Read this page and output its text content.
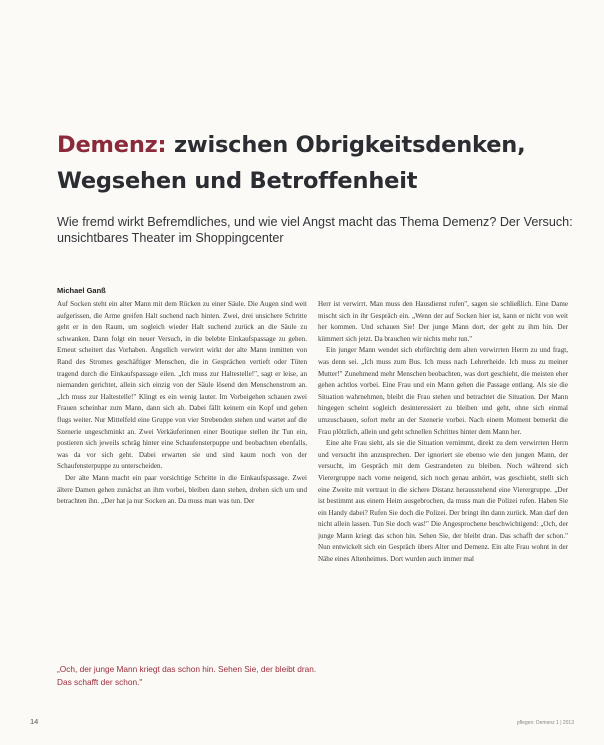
Demenz: zwischen Obrigkeitsdenken, Wegsehen und Betroffenheit

Wie fremd wirkt Befremdliches, und wie viel Angst macht das Thema Demenz? Der Versuch: unsichtbares Theater im Shoppingcenter

Michael Ganß

Auf Socken steht ein alter Mann mit dem Rücken zu einer Säule. Die Augen sind weit aufgerissen, die Arme greifen Halt suchend nach hinten. Zwei, drei unsichere Schritte geht er in den Raum, um sogleich wieder Halt suchend zurück an die Säule zu schwanken. Dann folgt ein neuer Versuch, in die belebte Einkaufspassage zu gehen. Erneut scheitert das Vorhaben. Ängstlich verwirrt wirkt der alte Mann inmitten von Rand des Stromes geschäftiger Menschen, die in Gesprächen vertieft oder Tüten tragend durch die Einkaufspassage eilen. „Ich muss zur Haltestelle!", sagt er leise, an niemanden gerichtet, allein sich einzig von der Säule lösend den Menschenstrom an. „Ich muss zur Haltestelle!" Klingt es ein wenig lauter. Im Vorbeigehen schauen zwei Frauen scheinbar zum Mann, dann sich ab. Dabei fällt keinem ein Kopf und gehen flugs weiter. Nur Mittelfeld eine Gruppe von vier Strebenden stehen und wartet auf die Szenerie ungeschminkt an. Zwei Verkäuferinnen einer Boutique stellen ihr Tun ein, postieren sich jeweils schräg hinter eine Schaufensterpuppe und beobachten ebenfalls, was da vor sich geht. Dabei erwarten sie und sind kaum noch von der Schaufensterpuppe zu unterscheiden.

Der alte Mann macht ein paar vorsichtige Schritte in die Einkaufspassage. Zwei ältere Damen gehen zunächst an ihm vorbei, bleiben dann stehen, drehen sich um und betrachten ihn. „Der hat ja nur Socken an. Da muss man was tun. Der

Herr ist verwirrt. Man muss den Hausdienst rufen", sagen sie schließlich. Eine Dame mischt sich in ihr Gespräch ein. „Wenn der auf Socken hier ist, kann er nicht von weit her kommen. Und schauen Sie! Der junge Mann dort, der geht zu ihm hin. Der kümmert sich jetzt. Da brauchen wir nichts mehr tun."

Ein junger Mann wendet sich ehrfürchtig dem alten verwirrten Herrn zu und fragt, was denn sei. „Ich muss zum Bus. Ich muss nach Lehrerheide. Ich muss zu meiner Mutter!" Zunehmend mehr Menschen beobachten, was dort geschieht, die meisten eher gehen achtlos vorbei. Eine Frau und ein Mann gehen die Passage entlang. Als sie die Situation wahrnehmen, bleibt die Frau stehen und betrachtet die Situation. Der Mann hingegen scheint sogleich desinteressiert zu bleiben und geht, ohne sich einmal umzuschauen, sofort mehr an der Szenerie vorbei. Nach einem Moment bemerkt die Frau plötzlich, allein und geht schnellen Schrittes hinter dem Mann her.

Eine alte Frau sieht, als sie die Situation vernimmt, direkt zu dem verwirrten Herrn und versucht ihn anzusprechen. Der ignoriert sie ebenso wie den jungen Mann, der versucht, im Gespräch mit dem Gestrandeten zu bleiben. Noch während sich Vierergruppe nach vorne neigend, sich noch genau anhört, was geschieht, stellt sich eine Zweite mit vertraut in die sichere Distanz herausstehend eine Vierergruppe. „Der ist bestimmt aus einem Heim ausgebrochen, da muss man die Polizei rufen. Haben Sie ein Handy dabei? Rufen Sie doch die Polizei. Der bringt ihn dann zurück. Man darf den nicht allein lassen. Tun Sie doch was!" Die Angesprochene beschwichtigend: „Och, der junge Mann kriegt das schon hin. Sehen Sie, der bleibt dran. Das schafft der schon." Nun entwickelt sich ein Gespräch übers Alter und Demenz. Ein alte Frau wohnt in der Nähe eines Altenheimes. Dort wurden auch immer mal

„Och, der junge Mann kriegt das schon hin. Sehen Sie, der bleibt dran. Das schafft der schon."

14	pflegen: Demenz 1 | 2013
